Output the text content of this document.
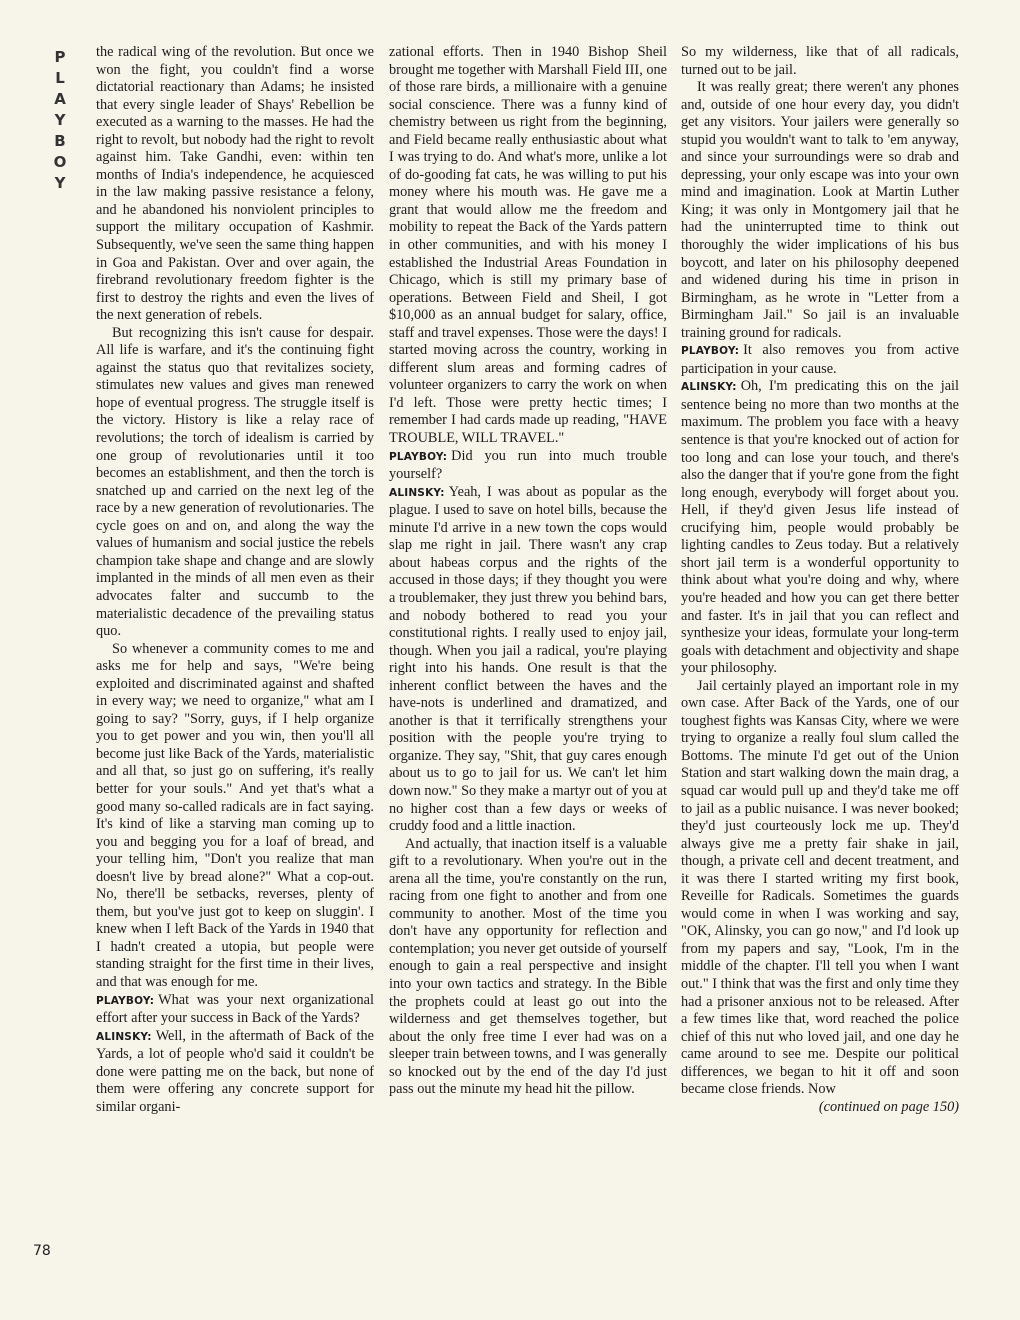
PLAYBOY
78

the radical wing of the revolution. But once we won the fight, you couldn't find a worse dictatorial reactionary than Adams; he insisted that every single leader of Shays' Rebellion be executed as a warning to the masses. He had the right to revolt, but nobody had the right to revolt against him. Take Gandhi, even: within ten months of India's independence, he acquiesced in the law making passive resistance a felony, and he abandoned his nonviolent principles to support the military occupation of Kashmir. Subsequently, we've seen the same thing happen in Goa and Pakistan. Over and over again, the firebrand revolutionary freedom fighter is the first to destroy the rights and even the lives of the next generation of rebels.

But recognizing this isn't cause for despair. All life is warfare, and it's the continuing fight against the status quo that revitalizes society, stimulates new values and gives man renewed hope of eventual progress. The struggle itself is the victory. History is like a relay race of revolutions; the torch of idealism is carried by one group of revolutionaries until it too becomes an establishment, and then the torch is snatched up and carried on the next leg of the race by a new generation of revolutionaries. The cycle goes on and on, and along the way the values of humanism and social justice the rebels champion take shape and change and are slowly implanted in the minds of all men even as their advocates falter and succumb to the materialistic decadence of the prevailing status quo.

So whenever a community comes to me and asks me for help and says, "We're being exploited and discriminated against and shafted in every way; we need to organize," what am I going to say? "Sorry, guys, if I help organize you to get power and you win, then you'll all become just like Back of the Yards, materialistic and all that, so just go on suffering, it's really better for your souls." And yet that's what a good many so-called radicals are in fact saying. It's kind of like a starving man coming up to you and begging you for a loaf of bread, and your telling him, "Don't you realize that man doesn't live by bread alone?" What a cop-out. No, there'll be setbacks, reverses, plenty of them, but you've just got to keep on sluggin'. I knew when I left Back of the Yards in 1940 that I hadn't created a utopia, but people were standing straight for the first time in their lives, and that was enough for me.

PLAYBOY: What was your next organizational effort after your success in Back of the Yards?

ALINSKY: Well, in the aftermath of Back of the Yards, a lot of people who'd said it couldn't be done were patting me on the back, but none of them were offering any concrete support for similar organi-

zational efforts. Then in 1940 Bishop Sheil brought me together with Marshall Field III, one of those rare birds, a millionaire with a genuine social conscience. There was a funny kind of chemistry between us right from the beginning, and Field became really enthusiastic about what I was trying to do. And what's more, unlike a lot of do-gooding fat cats, he was willing to put his money where his mouth was. He gave me a grant that would allow me the freedom and mobility to repeat the Back of the Yards pattern in other communities, and with his money I established the Industrial Areas Foundation in Chicago, which is still my primary base of operations. Between Field and Sheil, I got $10,000 as an annual budget for salary, office, staff and travel expenses. Those were the days! I started moving across the country, working in different slum areas and forming cadres of volunteer organizers to carry the work on when I'd left. Those were pretty hectic times; I remember I had cards made up reading, "HAVE TROUBLE, WILL TRAVEL."

PLAYBOY: Did you run into much trouble yourself?

ALINSKY: Yeah, I was about as popular as the plague. I used to save on hotel bills, because the minute I'd arrive in a new town the cops would slap me right in jail. There wasn't any crap about habeas corpus and the rights of the accused in those days; if they thought you were a troublemaker, they just threw you behind bars, and nobody bothered to read you your constitutional rights. I really used to enjoy jail, though. When you jail a radical, you're playing right into his hands. One result is that the inherent conflict between the haves and the have-nots is underlined and dramatized, and another is that it terrifically strengthens your position with the people you're trying to organize. They say, "Shit, that guy cares enough about us to go to jail for us. We can't let him down now." So they make a martyr out of you at no higher cost than a few days or weeks of cruddy food and a little inaction.

And actually, that inaction itself is a valuable gift to a revolutionary. When you're out in the arena all the time, you're constantly on the run, racing from one fight to another and from one community to another. Most of the time you don't have any opportunity for reflection and contemplation; you never get outside of yourself enough to gain a real perspective and insight into your own tactics and strategy. In the Bible the prophets could at least go out into the wilderness and get themselves together, but about the only free time I ever had was on a sleeper train between towns, and I was generally so knocked out by the end of the day I'd just pass out the minute my head hit the pillow.

So my wilderness, like that of all radicals, turned out to be jail.

It was really great; there weren't any phones and, outside of one hour every day, you didn't get any visitors. Your jailers were generally so stupid you wouldn't want to talk to 'em anyway, and since your surroundings were so drab and depressing, your only escape was into your own mind and imagination. Look at Martin Luther King; it was only in Montgomery jail that he had the uninterrupted time to think out thoroughly the wider implications of his bus boycott, and later on his philosophy deepened and widened during his time in prison in Birmingham, as he wrote in "Letter from a Birmingham Jail." So jail is an invaluable training ground for radicals.

PLAYBOY: It also removes you from active participation in your cause.

ALINSKY: Oh, I'm predicating this on the jail sentence being no more than two months at the maximum. The problem you face with a heavy sentence is that you're knocked out of action for too long and can lose your touch, and there's also the danger that if you're gone from the fight long enough, everybody will forget about you. Hell, if they'd given Jesus life instead of crucifying him, people would probably be lighting candles to Zeus today. But a relatively short jail term is a wonderful opportunity to think about what you're doing and why, where you're headed and how you can get there better and faster. It's in jail that you can reflect and synthesize your ideas, formulate your long-term goals with detachment and objectivity and shape your philosophy.

Jail certainly played an important role in my own case. After Back of the Yards, one of our toughest fights was Kansas City, where we were trying to organize a really foul slum called the Bottoms. The minute I'd get out of the Union Station and start walking down the main drag, a squad car would pull up and they'd take me off to jail as a public nuisance. I was never booked; they'd just courteously lock me up. They'd always give me a pretty fair shake in jail, though, a private cell and decent treatment, and it was there I started writing my first book, Reveille for Radicals. Sometimes the guards would come in when I was working and say, "OK, Alinsky, you can go now," and I'd look up from my papers and say, "Look, I'm in the middle of the chapter. I'll tell you when I want out." I think that was the first and only time they had a prisoner anxious not to be released. After a few times like that, word reached the police chief of this nut who loved jail, and one day he came around to see me. Despite our political differences, we began to hit it off and soon became close friends. Now

(continued on page 150)
